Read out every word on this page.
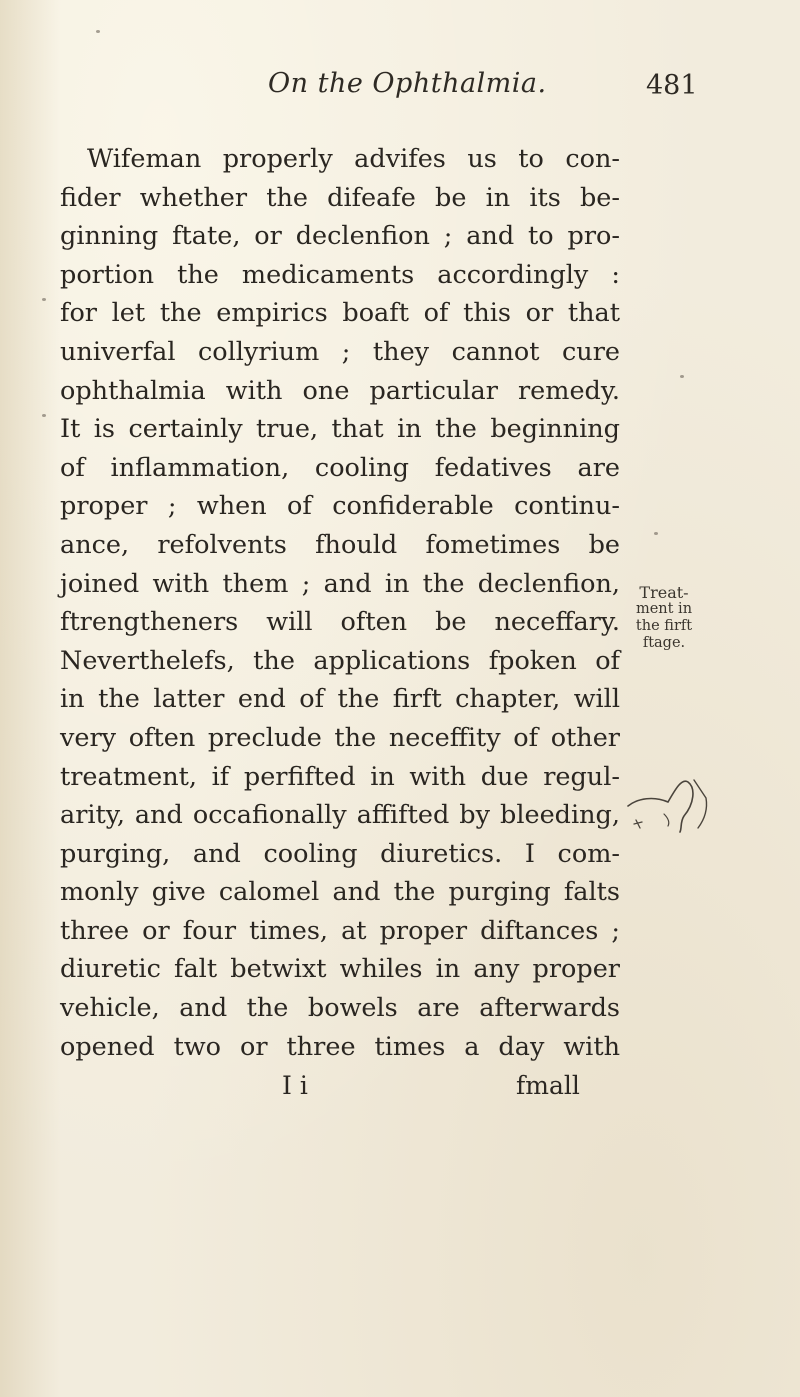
On the Ophthalmia.	481
Wifeman properly advifes us to con-
fider whether the difeafe be in its be-
ginning ftate, or declenfion ; and to pro-
portion the medicaments accordingly :
for let the empirics boaft of this or that
univerfal collyrium ; they cannot cure
ophthalmia with one particular remedy.
It is certainly true, that in the beginning
of inflammation, cooling fedatives are
proper ; when of confiderable continu-
ance, refolvents fhould fometimes be
joined with them ; and in the declenfion,
ftrengtheners will often be neceffary.
Neverthelefs, the applications fpoken of
in the latter end of the firft chapter, will
very often preclude the neceffity of other
treatment, if perfifted in with due regul-
arity, and occafionally affifted by bleeding,
purging, and cooling diuretics. I com-
monly give calomel and the purging falts
three or four times, at proper diftances ;
diuretic falt betwixt whiles in any proper
vehicle, and the bowels are afterwards
opened two or three times a day with
I i	fmall
Treat-
ment in
the firft
ftage.
